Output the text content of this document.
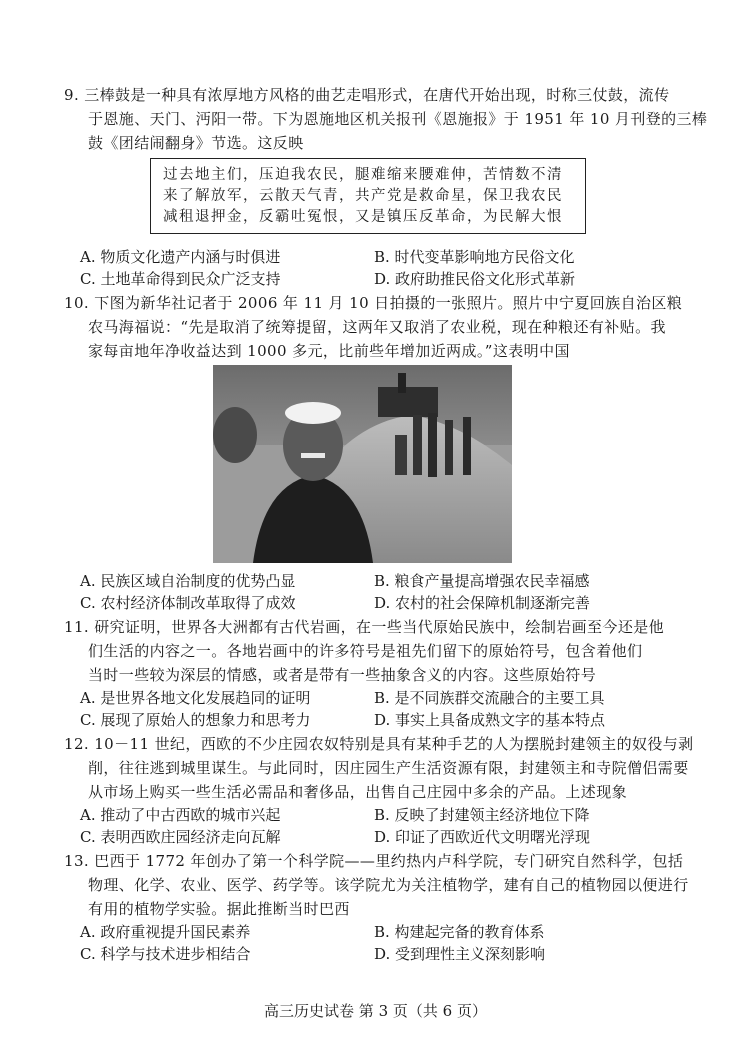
9. 三棒鼓是一种具有浓厚地方风格的曲艺走唱形式，在唐代开始出现，时称三仗鼓，流传
于恩施、天门、沔阳一带。下为恩施地区机关报刊《恩施报》于 1951 年 10 月刊登的三棒
鼓《团结闹翻身》节选。这反映
过去地主们，压迫我农民，腿难缩来腰难伸，苦情数不清
来了解放军，云散天气青，共产党是救命星，保卫我农民
减租退押金，反霸吐冤恨，又是镇压反革命，为民解大恨
A. 物质文化遗产内涵与时俱进	B. 时代变革影响地方民俗文化
C. 土地革命得到民众广泛支持	D. 政府助推民俗文化形式革新
10. 下图为新华社记者于 2006 年 11 月 10 日拍摄的一张照片。照片中宁夏回族自治区粮
农马海福说：“先是取消了统筹提留，这两年又取消了农业税，现在种粮还有补贴。我
家每亩地年净收益达到 1000 多元，比前些年增加近两成。”这表明中国
A. 民族区域自治制度的优势凸显	B. 粮食产量提高增强农民幸福感
C. 农村经济体制改革取得了成效	D. 农村的社会保障机制逐渐完善
11. 研究证明，世界各大洲都有古代岩画，在一些当代原始民族中，绘制岩画至今还是他
们生活的内容之一。各地岩画中的许多符号是祖先们留下的原始符号，包含着他们
当时一些较为深层的情感，或者是带有一些抽象含义的内容。这些原始符号
A. 是世界各地文化发展趋同的证明	B. 是不同族群交流融合的主要工具
C. 展现了原始人的想象力和思考力	D. 事实上具备成熟文字的基本特点
12. 10－11 世纪，西欧的不少庄园农奴特别是具有某种手艺的人为摆脱封建领主的奴役与剥
削，往往逃到城里谋生。与此同时，因庄园生产生活资源有限，封建领主和寺院僧侣需要
从市场上购买一些生活必需品和奢侈品，出售自己庄园中多余的产品。上述现象
A. 推动了中古西欧的城市兴起	B. 反映了封建领主经济地位下降
C. 表明西欧庄园经济走向瓦解	D. 印证了西欧近代文明曙光浮现
13. 巴西于 1772 年创办了第一个科学院——里约热内卢科学院，专门研究自然科学，包括
物理、化学、农业、医学、药学等。该学院尤为关注植物学，建有自己的植物园以便进行
有用的植物学实验。据此推断当时巴西
A. 政府重视提升国民素养	B. 构建起完备的教育体系
C. 科学与技术进步相结合	D. 受到理性主义深刻影响
高三历史试卷 第 3 页（共 6 页）
